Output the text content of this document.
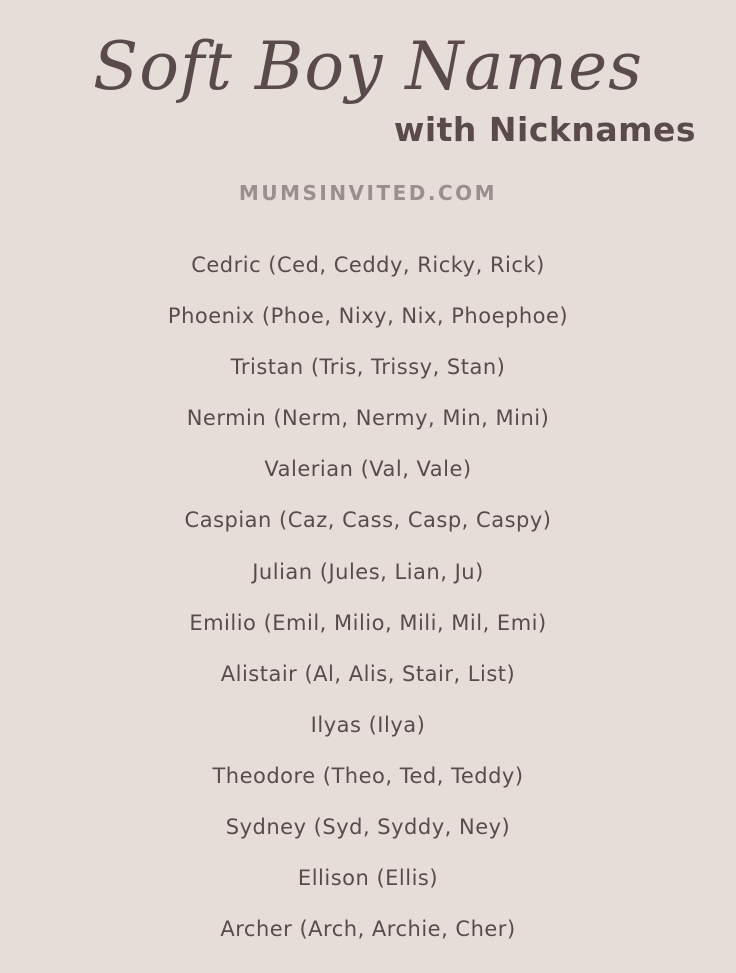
Soft Boy Names
with Nicknames
MUMSINVITED.COM
Cedric (Ced, Ceddy, Ricky, Rick)
Phoenix (Phoe, Nixy, Nix, Phoephoe)
Tristan (Tris, Trissy, Stan)
Nermin (Nerm, Nermy, Min, Mini)
Valerian (Val, Vale)
Caspian (Caz, Cass, Casp, Caspy)
Julian (Jules, Lian, Ju)
Emilio (Emil, Milio, Mili, Mil, Emi)
Alistair (Al, Alis, Stair, List)
Ilyas (Ilya)
Theodore (Theo, Ted, Teddy)
Sydney (Syd, Syddy, Ney)
Ellison (Ellis)
Archer (Arch, Archie, Cher)
